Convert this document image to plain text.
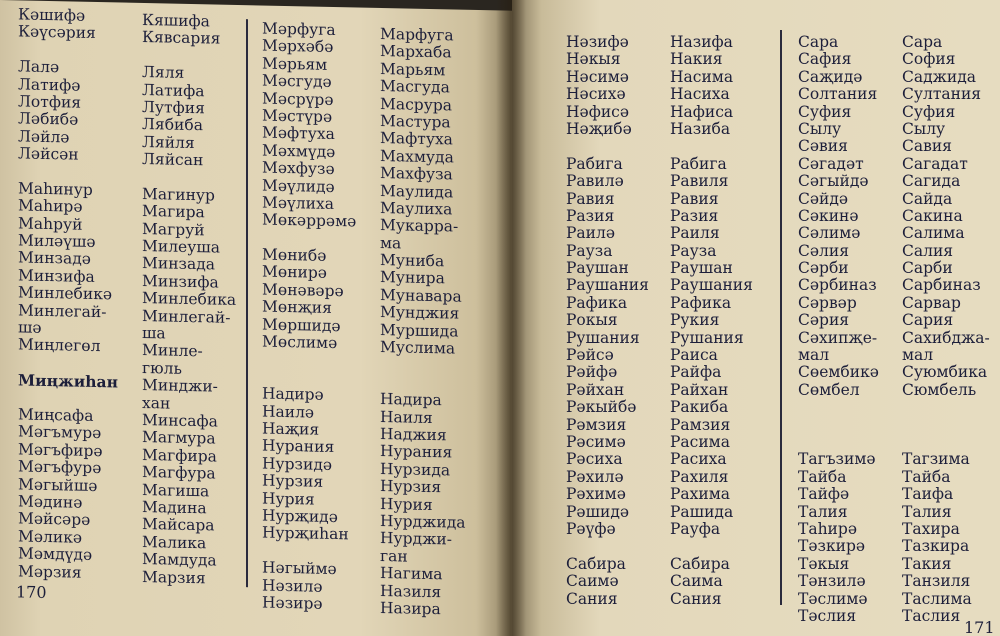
Кәшифә
Кәүсәрия
Лалә
Латифә
Лотфия
Ләбибә
Ләйлә
Ләйсән
Маhинур
Маhирә
Маhруй
Миләүшә
Минзадә
Минзифа
Минлебикә
Минлегай-
шә
Миңлегөл
Миңжиhан
Миңсафа
Мәгъмурә
Мәгъфирә
Мәгъфурә
Мәгыйшә
Мәдинә
Мәйсәрә
Мәликә
Мәмдүдә
Мәрзия
Кяшифа
Кявсария
Ляля
Латифа
Лутфия
Лябиба
Ляйля
Ляйсан
Магинур
Магира
Магруй
Милеуша
Минзада
Минзифа
Минлебика
Минлегай-
ша
Минле-
гюль
Минджи-
хан
Минсафа
Магмура
Магфира
Магфура
Магиша
Мадина
Майсара
Малика
Мамдуда
Марзия
Мәрфуга
Мәрхәбә
Мәрьям
Мәсгудә
Мәсрүрә
Мәстүрә
Мәфтуха
Мәхмүдә
Мәхфузә
Мәүлидә
Мәүлиха
Мөкәррәмә
Мөнибә
Мөнирә
Мөнәвәрә
Мөнҗия
Мөршидә
Мөслимә
Надирә
Наилә
Наҗия
Нурания
Нурзидә
Нурзия
Нурия
Нурҗидә
Нурҗиhан
Нәгыймә
Нәзилә
Нәзирә
Марфуга
Мархаба
Марьям
Масгуда
Масрура
Мастура
Мафтуха
Махмуда
Махфуза
Маулида
Маулиха
Мукарра-
ма
Муниба
Мунира
Мунавара
Мунджия
Муршида
Муслима
Надира
Наиля
Наджия
Нурания
Нурзида
Нурзия
Нурия
Нурджида
Нурджи-
ган
Нагима
Назиля
Назира
170
Нәзифә
Нәкыя
Нәсимә
Нәсихә
Нәфисә
Нәҗибә
Рабига
Равилә
Равия
Разия
Раилә
Рауза
Раушан
Раушания
Рафика
Рокыя
Рушания
Рәйсә
Рәйфә
Рәйхан
Рәкыйбә
Рәмзия
Рәсимә
Рәсиха
Рәхилә
Рәхимә
Рәшидә
Рәүфә
Сабира
Саимә
Сания
Назифа
Накия
Насима
Насиха
Нафиса
Назиба
Рабига
Равиля
Равия
Разия
Раиля
Рауза
Раушан
Раушания
Рафика
Рукия
Рушания
Раиса
Райфа
Райхан
Ракиба
Рамзия
Расима
Расиха
Рахиля
Рахима
Рашида
Рауфа
Сабира
Саима
Сания
Сара
Сафия
Саҗидә
Солтания
Суфия
Сылу
Сәвия
Сәгадәт
Сәгыйдә
Сәйдә
Сәкинә
Сәлимә
Сәлия
Сәрби
Сәрбиназ
Сәрвәр
Сәрия
Сәхипҗе-
мал
Сөембикә
Сөмбел
Тагъзимә
Тайба
Тайфә
Талия
Таhирә
Тәзкирә
Тәкыя
Тәнзилә
Тәслимә
Тәслия
Сара
София
Саджида
Султания
Суфия
Сылу
Савия
Сагадат
Сагида
Сайда
Сакина
Салима
Салия
Сарби
Сарбиназ
Сарвар
Сария
Сахибджа-
мал
Суюмбика
Сюмбель
Тагзима
Тайба
Таифа
Талия
Тахира
Тазкира
Такия
Танзиля
Таслима
Таслия
171
